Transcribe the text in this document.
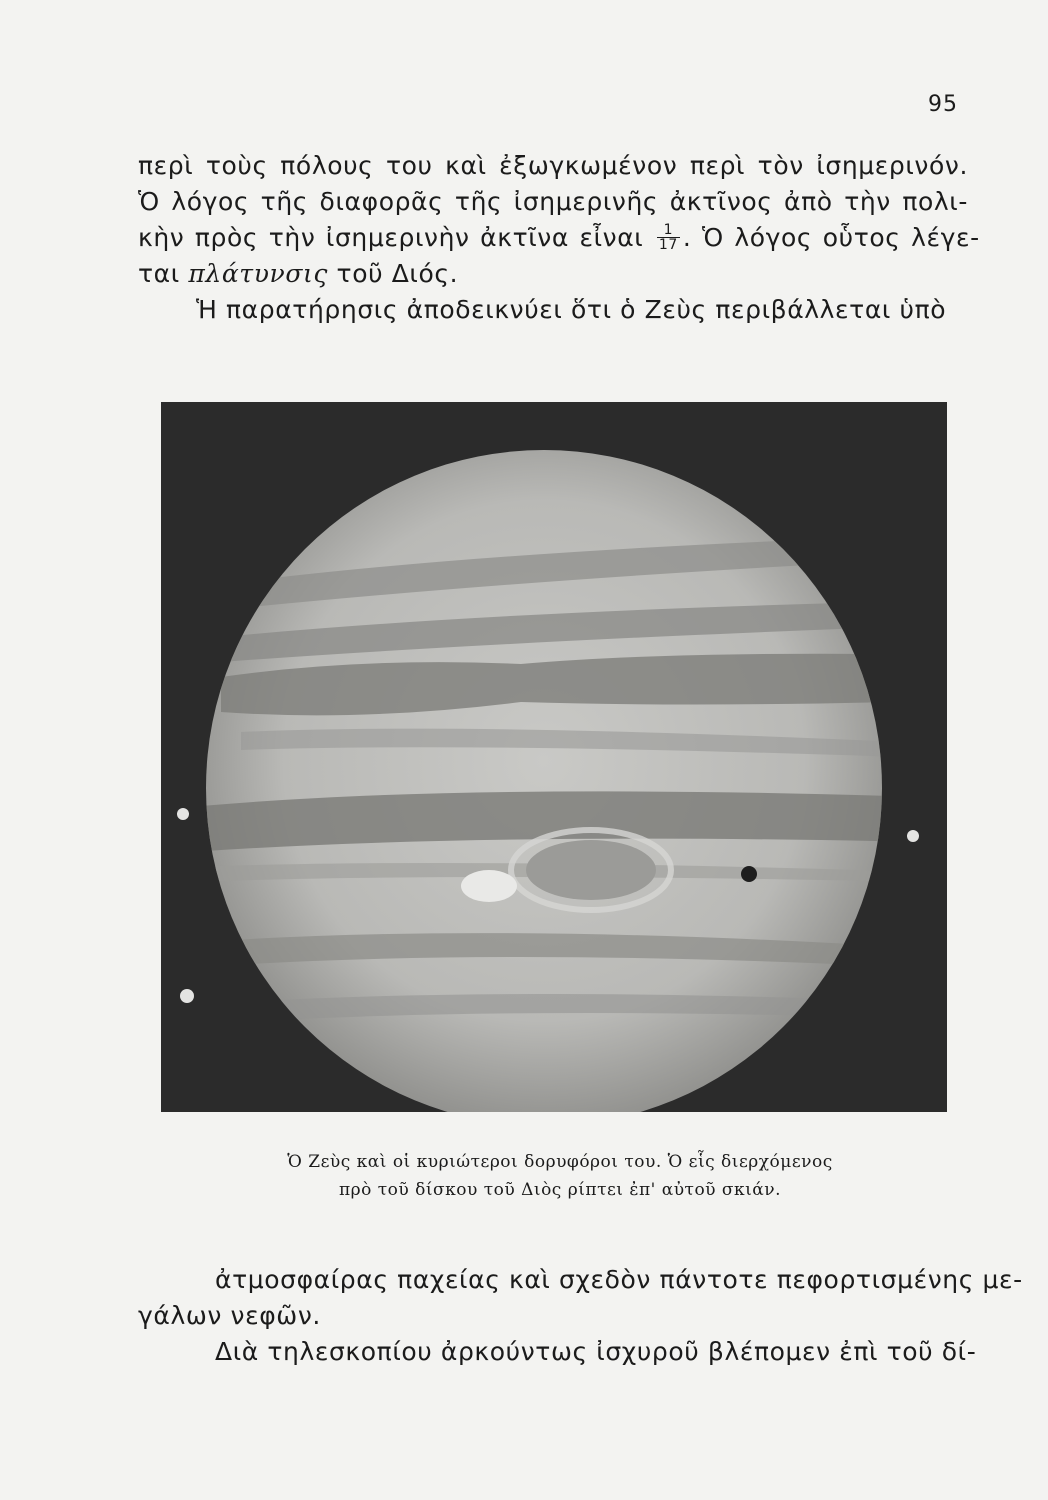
95
περὶ τοὺς πόλους του καὶ ἐξωγκωμένον περὶ τὸν ἰσημερινόν.
Ὁ λόγος τῆς διαφορᾶς τῆς ἰσημερινῆς ἀκτῖνος ἀπὸ τὴν πολι-
κὴν πρὸς τὴν ἰσημερινὴν ἀκτῖνα εἶναι $\frac{1}{17}$ . Ὁ λόγος οὗτος λέγε-
ται πλάτυνσις τοῦ Διός.
Ἡ παρατήρησις ἀποδεικνύει ὅτι ὁ Ζεὺς περιβάλλεται ὑπὸ
Ὁ Ζεὺς καὶ οἱ κυριώτεροι δορυφόροι του. Ὁ εἷς διερχόμενος
πρὸ τοῦ δίσκου τοῦ Διὸς ρίπτει ἐπ' αὐτοῦ σκιάν.
ἀτμοσφαίρας παχείας καὶ σχεδὸν πάντοτε πεφορτισμένης με-
γάλων νεφῶν.
Διὰ τηλεσκοπίου ἀρκούντως ἰσχυροῦ βλέπομεν ἐπὶ τοῦ δί-
